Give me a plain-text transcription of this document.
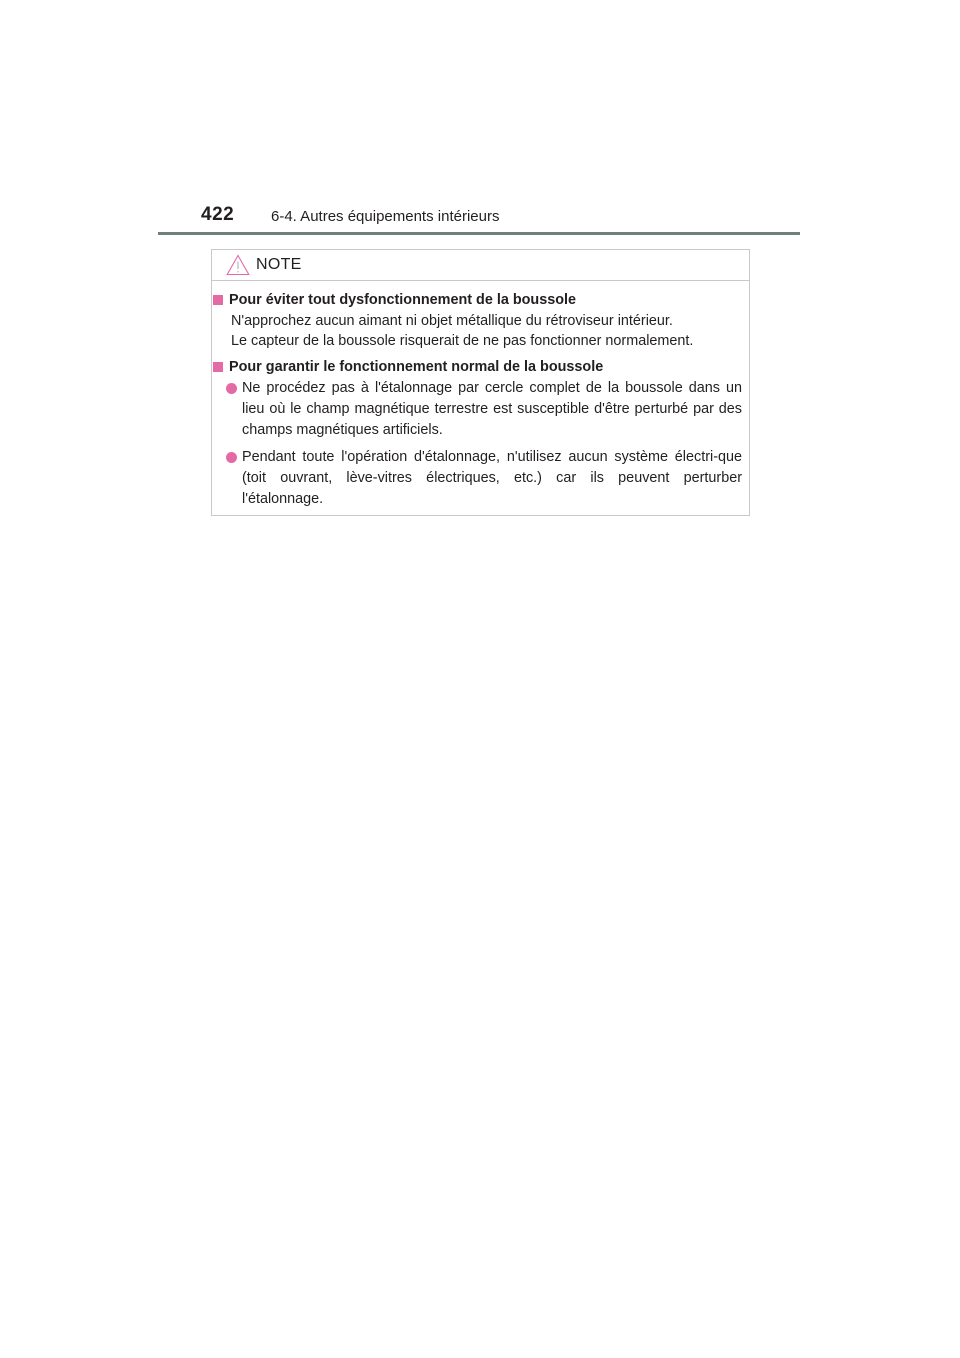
422 6-4. Autres équipements intérieurs
NOTE
Pour éviter tout dysfonctionnement de la boussole
N'approchez aucun aimant ni objet métallique du rétroviseur intérieur.
Le capteur de la boussole risquerait de ne pas fonctionner normalement.
Pour garantir le fonctionnement normal de la boussole
Ne procédez pas à l'étalonnage par cercle complet de la boussole dans un lieu où le champ magnétique terrestre est susceptible d'être perturbé par des champs magnétiques artificiels.
Pendant toute l'opération d'étalonnage, n'utilisez aucun système électri-que (toit ouvrant, lève-vitres électriques, etc.) car ils peuvent perturber l'étalonnage.
